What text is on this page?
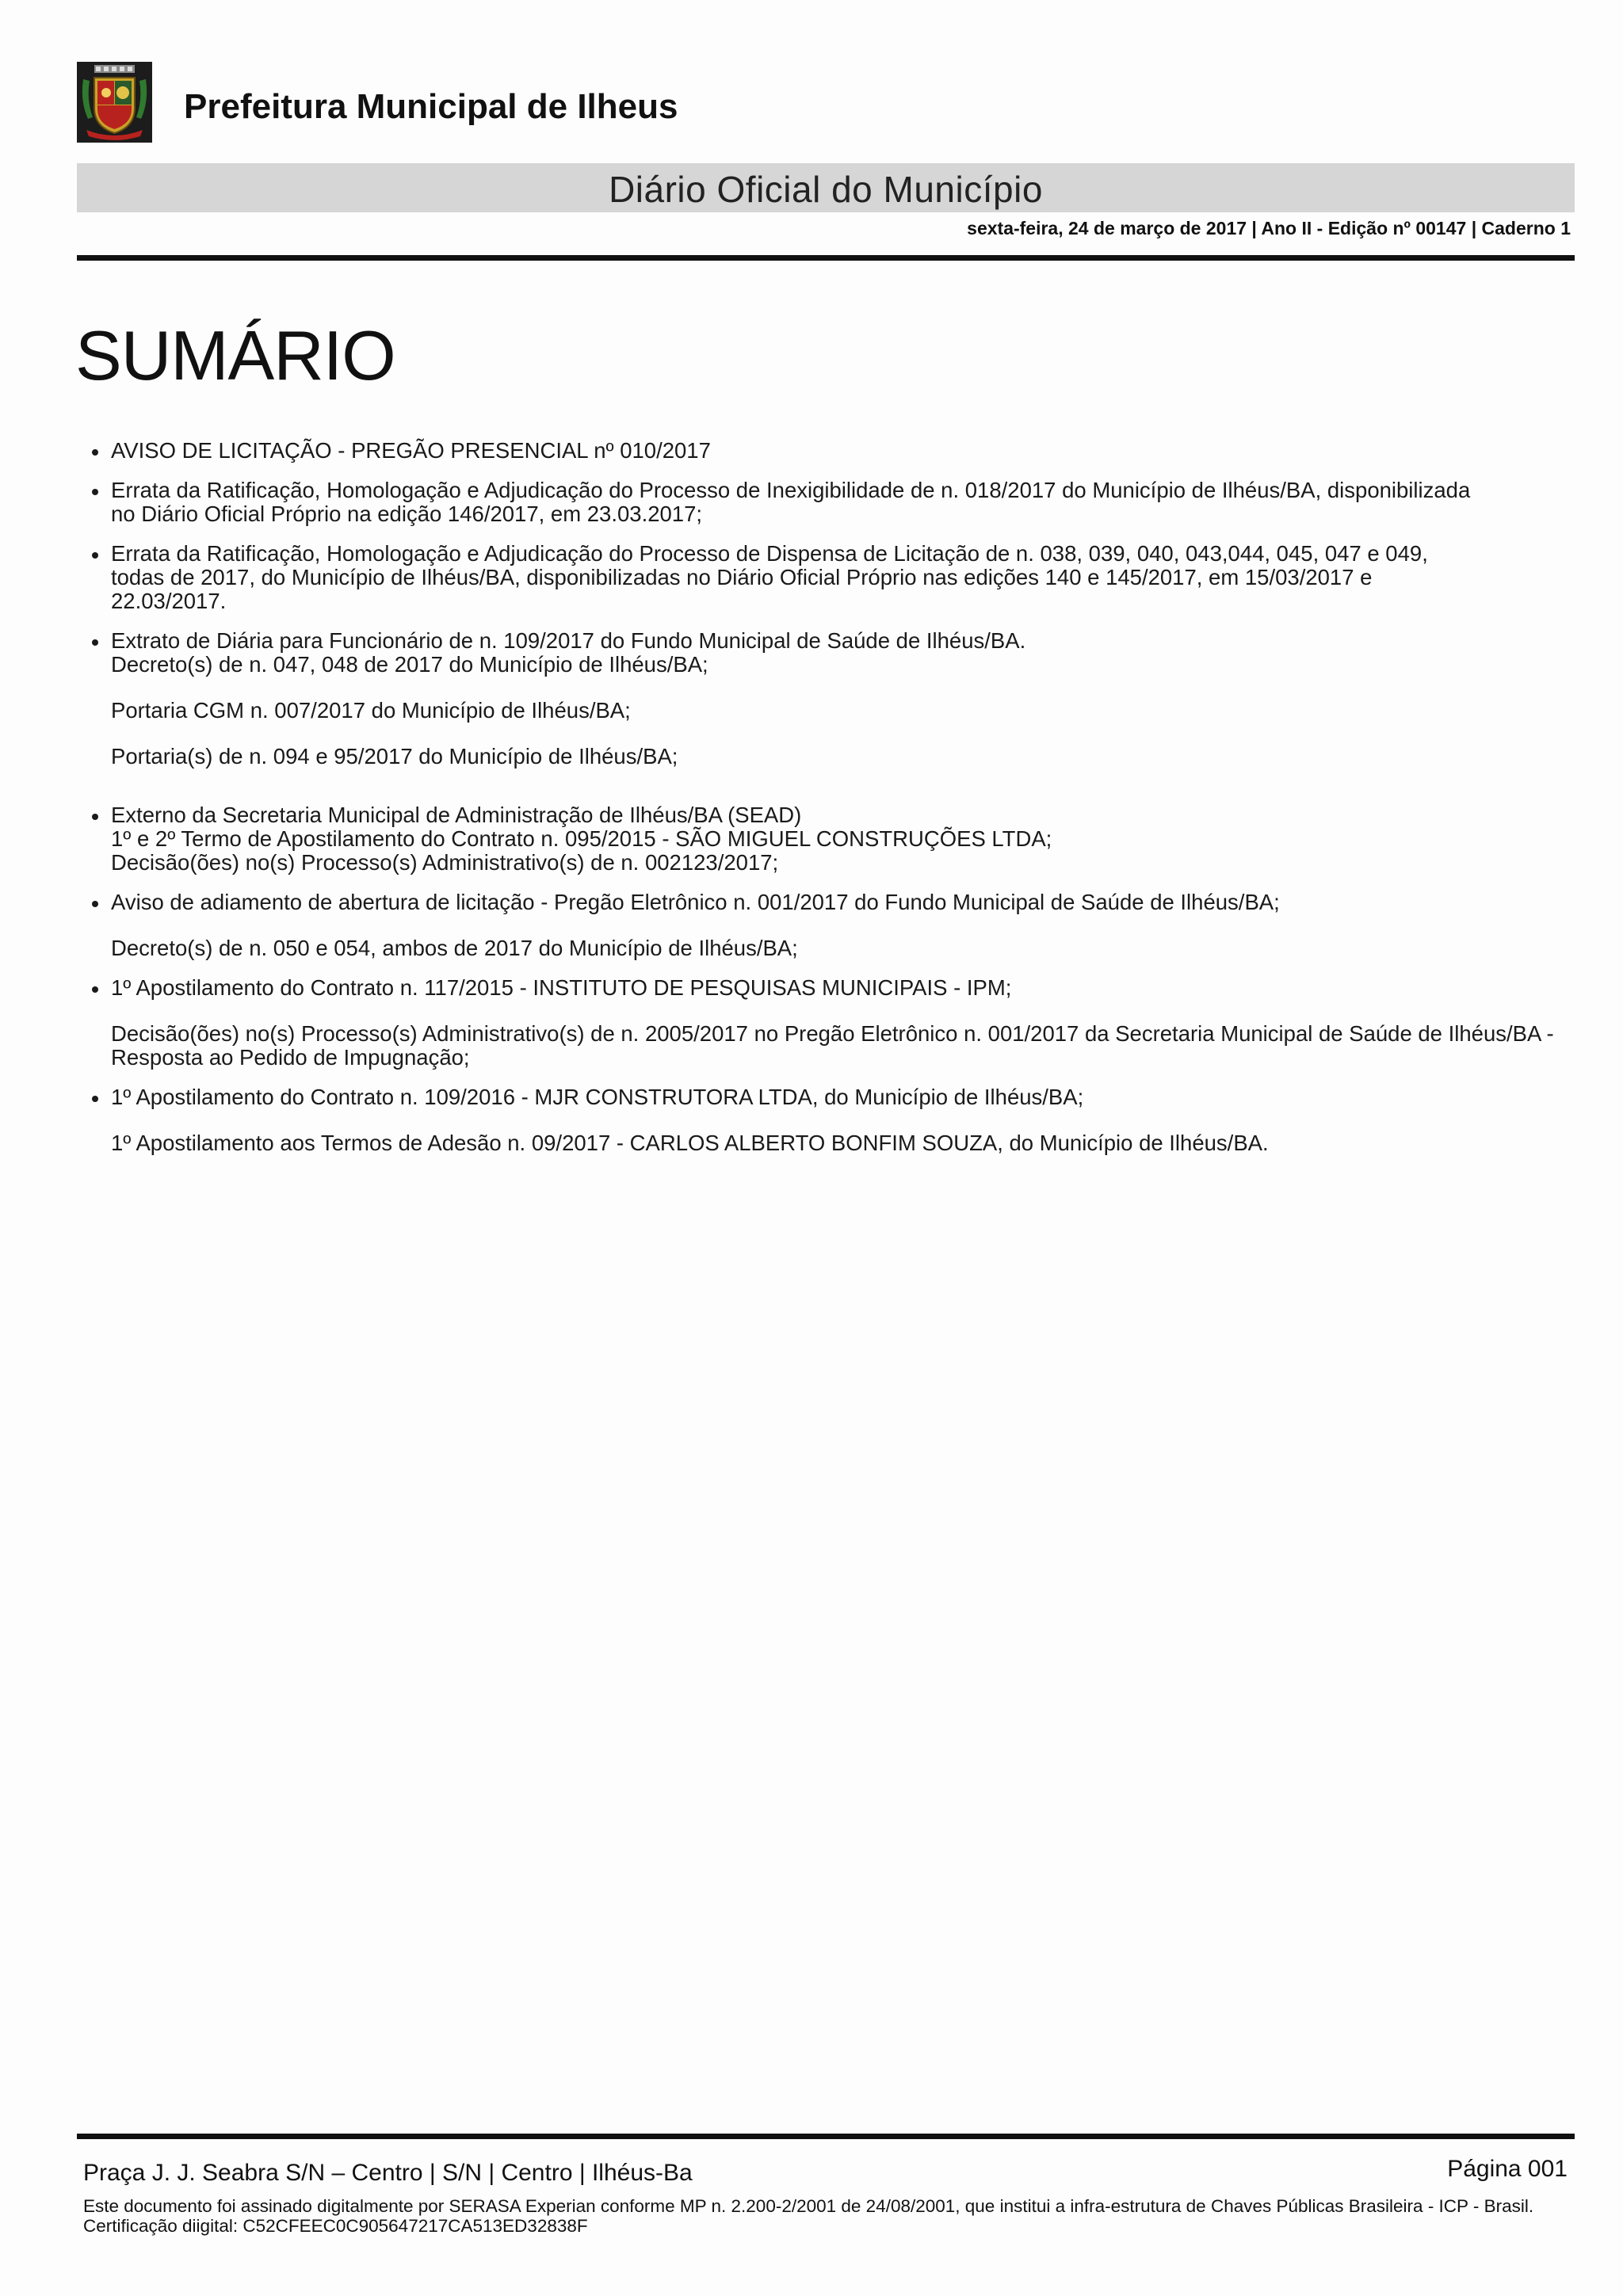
Prefeitura Municipal de Ilheus
Diário Oficial do Município
sexta-feira, 24 de março de 2017 | Ano II - Edição nº 00147 | Caderno 1
SUMÁRIO
AVISO DE LICITAÇÃO - PREGÃO PRESENCIAL nº 010/2017
Errata da Ratificação, Homologação e Adjudicação do Processo de Inexigibilidade de n. 018/2017 do Município de Ilhéus/BA, disponibilizada
no Diário Oficial Próprio na edição 146/2017, em 23.03.2017;
Errata da Ratificação, Homologação e Adjudicação do Processo de Dispensa de Licitação de n. 038, 039, 040, 043,044, 045, 047 e 049,
todas de 2017, do Município de Ilhéus/BA, disponibilizadas no Diário Oficial Próprio nas edições 140 e 145/2017, em 15/03/2017 e
22.03/2017.
Extrato de Diária para Funcionário de n. 109/2017 do Fundo Municipal de Saúde de Ilhéus/BA.
Decreto(s) de n. 047, 048 de 2017 do Município de Ilhéus/BA;
Portaria CGM n. 007/2017 do Município de Ilhéus/BA;
Portaria(s) de n. 094 e 95/2017 do Município de Ilhéus/BA;
Externo da Secretaria Municipal de Administração de Ilhéus/BA (SEAD)
1º e 2º Termo de Apostilamento do Contrato n. 095/2015 - SÃO MIGUEL CONSTRUÇÕES LTDA;
Decisão(ões) no(s) Processo(s) Administrativo(s) de n. 002123/2017;
Aviso de adiamento de abertura de licitação - Pregão Eletrônico n. 001/2017 do Fundo Municipal de Saúde de Ilhéus/BA;
Decreto(s) de n. 050 e 054, ambos de 2017 do Município de Ilhéus/BA;
1º Apostilamento do Contrato n. 117/2015 - INSTITUTO DE PESQUISAS MUNICIPAIS - IPM;
Decisão(ões) no(s) Processo(s) Administrativo(s) de n. 2005/2017 no Pregão Eletrônico n. 001/2017 da Secretaria Municipal de Saúde de Ilhéus/BA - Resposta ao Pedido de Impugnação;
1º Apostilamento do Contrato n. 109/2016 - MJR CONSTRUTORA LTDA, do Município de Ilhéus/BA;
1º Apostilamento aos Termos de Adesão n. 09/2017 - CARLOS ALBERTO BONFIM SOUZA, do Município de Ilhéus/BA.
Praça J. J. Seabra S/N – Centro | S/N | Centro | Ilhéus-Ba	Página 001
Este documento foi assinado digitalmente por SERASA Experian conforme MP n. 2.200-2/2001 de 24/08/2001, que institui a infra-estrutura de Chaves Públicas Brasileira - ICP - Brasil. Certificação diigital: C52CFEEC0C905647217CA513ED32838F
